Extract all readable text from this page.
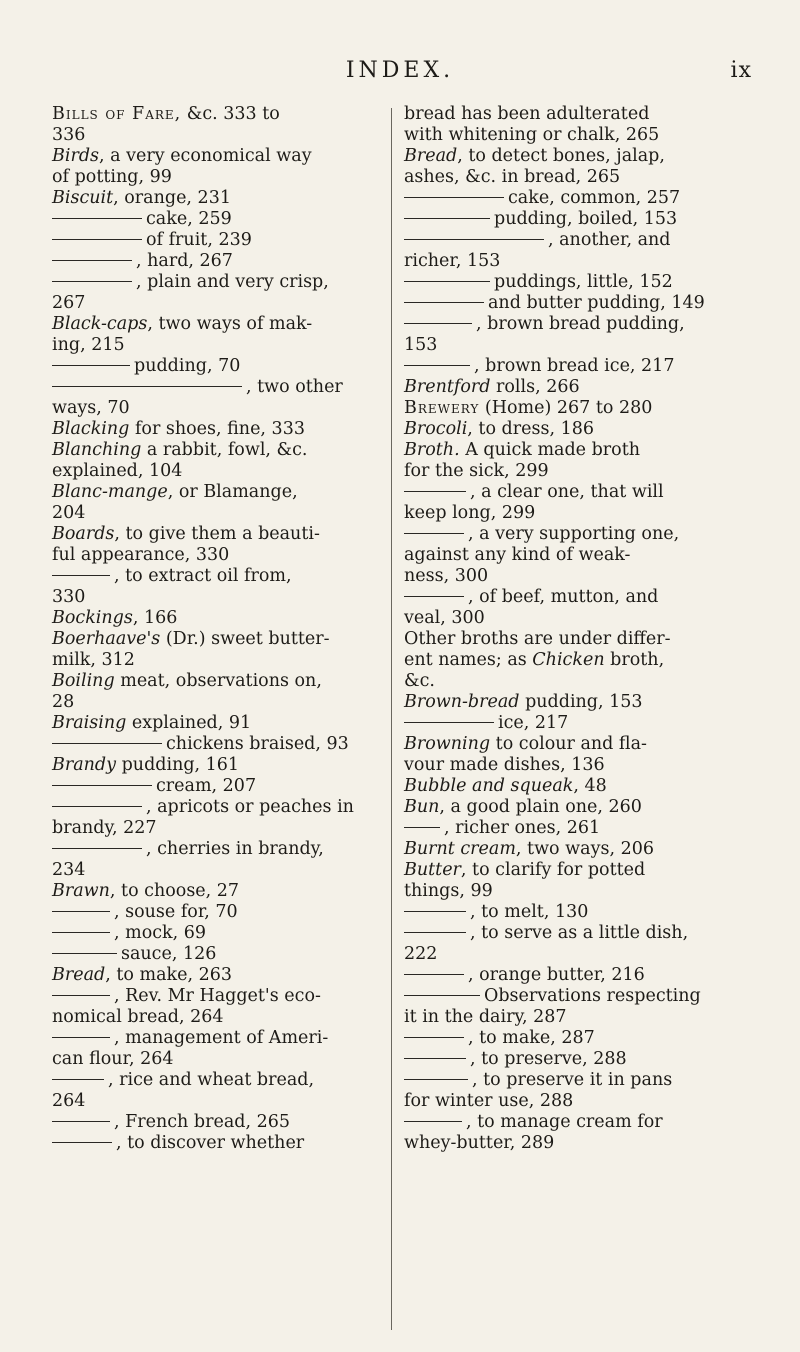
INDEX.	ix
Bills of Fare, &c. 333 to
336
Birds, a very economical way
of potting, 99
Biscuit, orange, 231
cake, 259
of fruit, 239
, hard, 267
, plain and very crisp,
267
Black-caps, two ways of mak-
ing, 215
pudding, 70
, two other
ways, 70
Blacking for shoes, fine, 333
Blanching a rabbit, fowl, &c.
explained, 104
Blanc-mange, or Blamange,
204
Boards, to give them a beauti-
ful appearance, 330
, to extract oil from,
330
Bockings, 166
Boerhaave's (Dr.) sweet butter-
milk, 312
Boiling meat, observations on,
28
Braising explained, 91
chickens braised, 93
Brandy pudding, 161
cream, 207
, apricots or peaches in
brandy, 227
, cherries in brandy,
234
Brawn, to choose, 27
, souse for, 70
, mock, 69
sauce, 126
Bread, to make, 263
, Rev. Mr Hagget's eco-
nomical bread, 264
, management of Ameri-
can flour, 264
, rice and wheat bread,
264
, French bread, 265
, to discover whether
bread has been adulterated
with whitening or chalk, 265
Bread, to detect bones, jalap,
ashes, &c. in bread, 265
cake, common, 257
pudding, boiled, 153
, another, and
richer, 153
puddings, little, 152
and butter pudding, 149
, brown bread pudding,
153
, brown bread ice, 217
Brentford rolls, 266
Brewery (Home) 267 to 280
Brocoli, to dress, 186
Broth. A quick made broth
for the sick, 299
, a clear one, that will
keep long, 299
, a very supporting one,
against any kind of weak-
ness, 300
, of beef, mutton, and
veal, 300
Other broths are under differ-
ent names; as Chicken broth,
&c.
Brown-bread pudding, 153
ice, 217
Browning to colour and fla-
vour made dishes, 136
Bubble and squeak, 48
Bun, a good plain one, 260
, richer ones, 261
Burnt cream, two ways, 206
Butter, to clarify for potted
things, 99
, to melt, 130
, to serve as a little dish,
222
, orange butter, 216
Observations respecting
it in the dairy, 287
, to make, 287
, to preserve, 288
, to preserve it in pans
for winter use, 288
, to manage cream for
whey-butter, 289
